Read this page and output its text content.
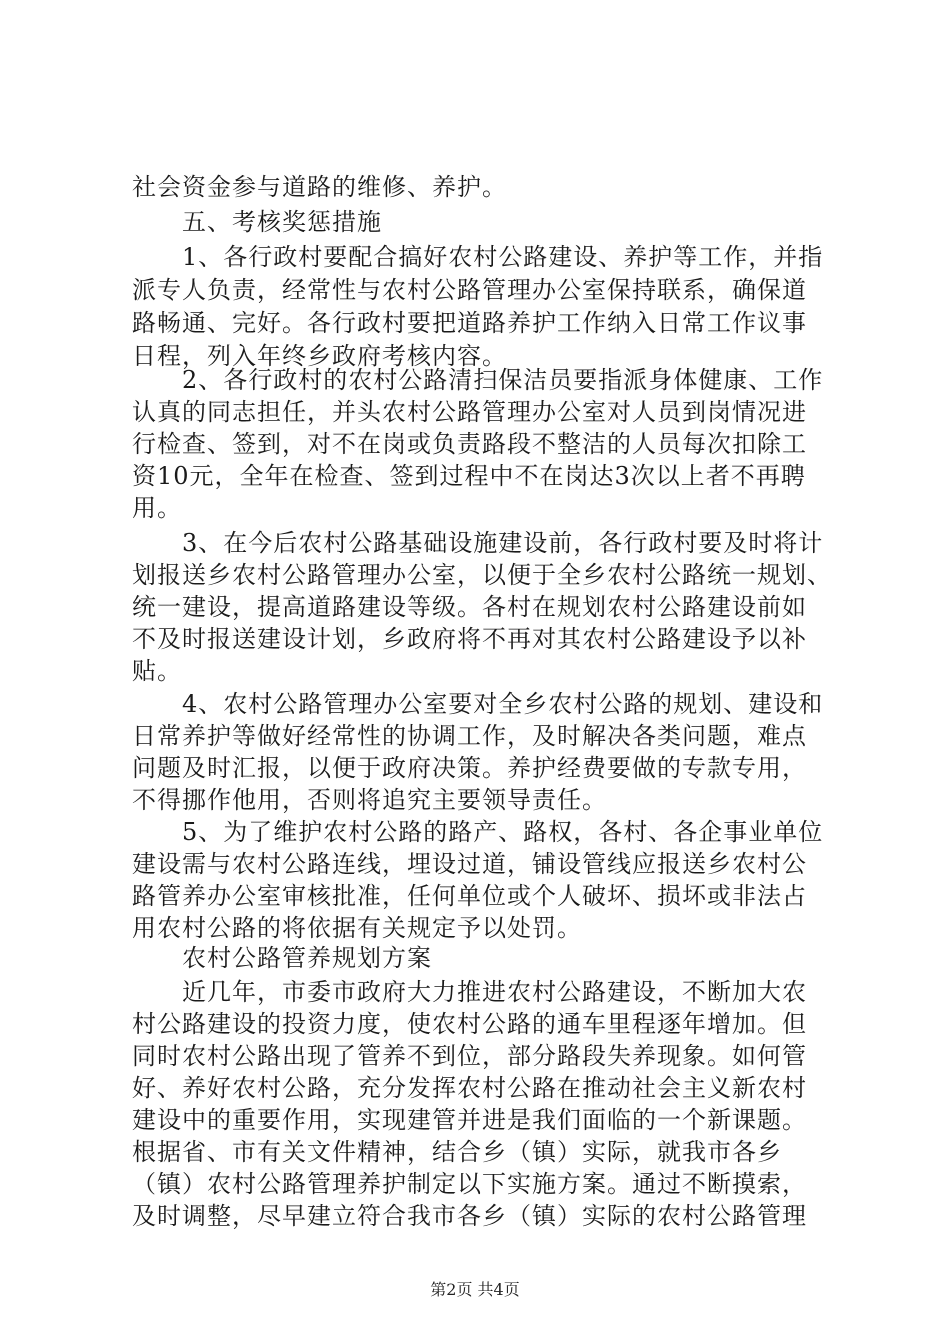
社会资金参与道路的维修、养护。
五、考核奖惩措施
1、各行政村要配合搞好农村公路建设、养护等工作，并指
派专人负责，经常性与农村公路管理办公室保持联系，确保道
路畅通、完好。各行政村要把道路养护工作纳入日常工作议事
日程，列入年终乡政府考核内容。
2、各行政村的农村公路清扫保洁员要指派身体健康、工作
认真的同志担任，并头农村公路管理办公室对人员到岗情况进
行检查、签到，对不在岗或负责路段不整洁的人员每次扣除工
资10元，全年在检查、签到过程中不在岗达3次以上者不再聘
用。
3、在今后农村公路基础设施建设前，各行政村要及时将计
划报送乡农村公路管理办公室，以便于全乡农村公路统一规划、
统一建设，提高道路建设等级。各村在规划农村公路建设前如
不及时报送建设计划，乡政府将不再对其农村公路建设予以补
贴。
4、农村公路管理办公室要对全乡农村公路的规划、建设和
日常养护等做好经常性的协调工作，及时解决各类问题，难点
问题及时汇报，以便于政府决策。养护经费要做的专款专用，
不得挪作他用，否则将追究主要领导责任。
5、为了维护农村公路的路产、路权，各村、各企事业单位
建设需与农村公路连线，埋设过道，铺设管线应报送乡农村公
路管养办公室审核批准，任何单位或个人破坏、损坏或非法占
用农村公路的将依据有关规定予以处罚。
农村公路管养规划方案
近几年，市委市政府大力推进农村公路建设，不断加大农
村公路建设的投资力度，使农村公路的通车里程逐年增加。但
同时农村公路出现了管养不到位，部分路段失养现象。如何管
好、养好农村公路，充分发挥农村公路在推动社会主义新农村
建设中的重要作用，实现建管并进是我们面临的一个新课题。
根据省、市有关文件精神，结合乡（镇）实际，就我市各乡
（镇）农村公路管理养护制定以下实施方案。通过不断摸索，
及时调整，尽早建立符合我市各乡（镇）实际的农村公路管理
第2页 共4页
